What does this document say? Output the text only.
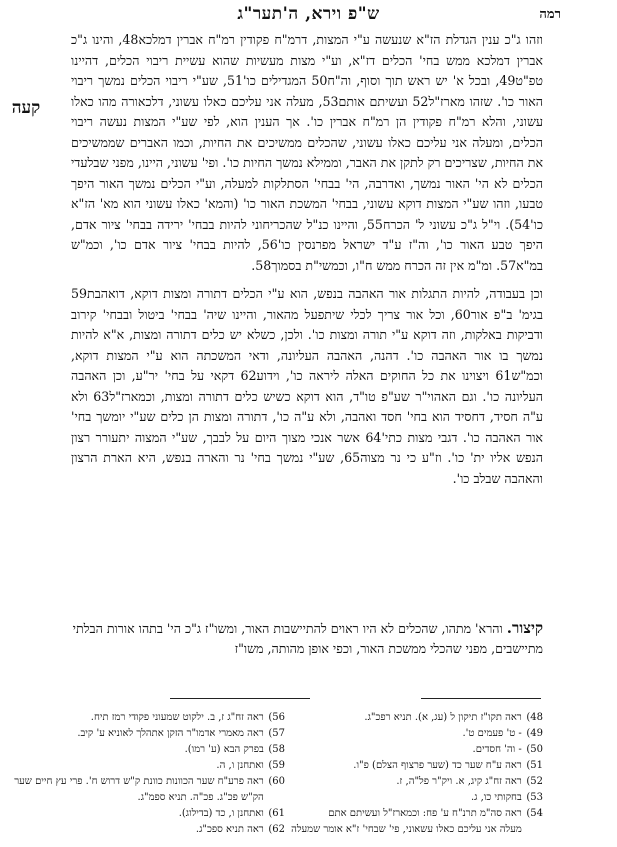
ש"פ וירא, ה'תער"ג	רמה
קעה

וזהו ג"כ ענין הגדלת הז"א שנעשה ע"י המצות, דרמ"ח פקודין רמ"ח אברין דמלכא48, והינו ג"כ אברין דמלכא ממש בחי' הכלים דז"א, וע"י מצות מעשיות שהוא עשיית ריבוי הכלים, דהיינו טפ"ט49, ובכל א' יש ראש תוך וסוף, וה"ח50 המגדילים כו'51, שע"י ריבוי הכלים נמשך ריבוי האור כו'. שזהו מארז"ל52 ועשיתם אותם53, מעלה אני עליכם כאלו עשוני, דלכאורה מהו כאלו עשוני, והלא רמ"ח פקודין הן רמ"ח אברין כו'. אך הענין הוא, לפי שע"י המצות נעשה ריבוי הכלים, ומעלה אני עליכם כאלו עשוני, שהכלים ממשיכים את החיות, וכמו האברים שממשיכים את החיות, שצריכים רק לתקן את האבר, וממילא נמשך החיות כו'. ופי' עשוני, היינו, מפני שבלעדי הכלים לא הי' האור נמשך, ואדרבה, הי' בבחי' הסתלקות למעלה, וע"י הכלים נמשך האור היפך טבעו, וזהו שע"י המצות דוקא עשוני, בבחי' המשכת האור כו' (והמא' כאלו עשוני הוא מא' הז"א כו'54). וי"ל ג"כ עשוני ל' הכרח55, והיינו כנ"ל שהכריחוני להיות בבחי' ירידה בבחי' ציור אדם, היפך טבע האור כו', וה"ז ע"ד ישראל מפרנסין כו'56, להיות בבחי' ציור אדם כו', וכמ"ש במ"א57. ומ"מ אין זה הכרח ממש ח"ו, וכמשי"ת בסמוך58.

וכן בעבודה, להיות התגלות אור האהבה בנפש, הוא ע"י הכלים דתורה ומצות דוקא, דואהבת59 בגימ' ב"פ אור60, וכל אור צריך לכלי שיתפעל מהאור, והיינו שיה' בבחי' ביטול ובבחי' קירוב ודביקות באלקות, וזה דוקא ע"י תורה ומצות כו'. ולכן, כשלא יש כלים דתורה ומצות, א"א להיות נמשך בו אור האהבה כו'. דהנה, האהבה העליונה, ודאי המשכתה הוא ע"י המצות דוקא, וכמ"ש61 ויצוינו את כל החוקים האלה ליראה כו', וידוע62 דקאי על בחי' יר"ע, וכן האהבה העליונה כו'. וגם האהוי"ר שע"פ טו"ד, הוא דוקא כשיש כלים דתורה ומצות, וכמארז"ל63 ולא ע"ה חסיד, דחסיד הוא בחי' חסד ואהבה, ולא ע"ה כו', דתורה ומצות הן כלים שע"י יומשך בחי' אור האהבה כו'. דגבי מצות כתי'64 אשר אנכי מצוך היום על לבבך, שע"י המצוה יתעורר רצון הנפש אליו ית' כו'. וז"ע כי נר מצוה65, שע"י נמשך בחי' נר והארה בנפש, היא הארת הרצון והאהבה שבלב כו'.

קיצור. והרא' מתהו, שהכלים לא היו ראוים להתיישבות האור, ומשו"ז ג"כ הי' בתהו אורות הבלתי מתיישבים, מפני שהכלי ממשכת האור, וכפי אופן מהותה, משו"ז
48) ראה תקו"ז תיקון ל (עג, א). תניא רפכ"ג.
49) - ט' פעמים ט'.
50) - וה' חסדים.
51) ראה ע"ח שער כד (שער פרצוף הצלם) פ"ו.
52) ראה זח"ג קיג, א. ויק"ר פל"ה, ז.
53) בחקותי כו, ג.
54) ראה סה"מ תרנ"ח ע' פח: וכמארז"ל ועשיתם אתם
מעלה אני עליכם כאלו עשאוני, פי' שבחי' ז"א אומר שמעלה
56) ראה זח"ג ז, ב. ילקוט שמעוני פקודי רמז תיח.
57) ראה מאמרי אדמו"ר הזקן אתהלך לאוניא ע' קיב.
58) בפרק הבא (ע' רמו).
59) ואתחנן ו, ה.
60) ראה פרע"ח שער הכוונות כוונת ק"ש דרוש ח'. פרי עץ חיים שער
הק"ש פכ"ג. פכ"ה. תניא ספמ"ג.
61) ואתחנן ו, כד (בדילוג).
62) ראה תניא ספכ"ג.
